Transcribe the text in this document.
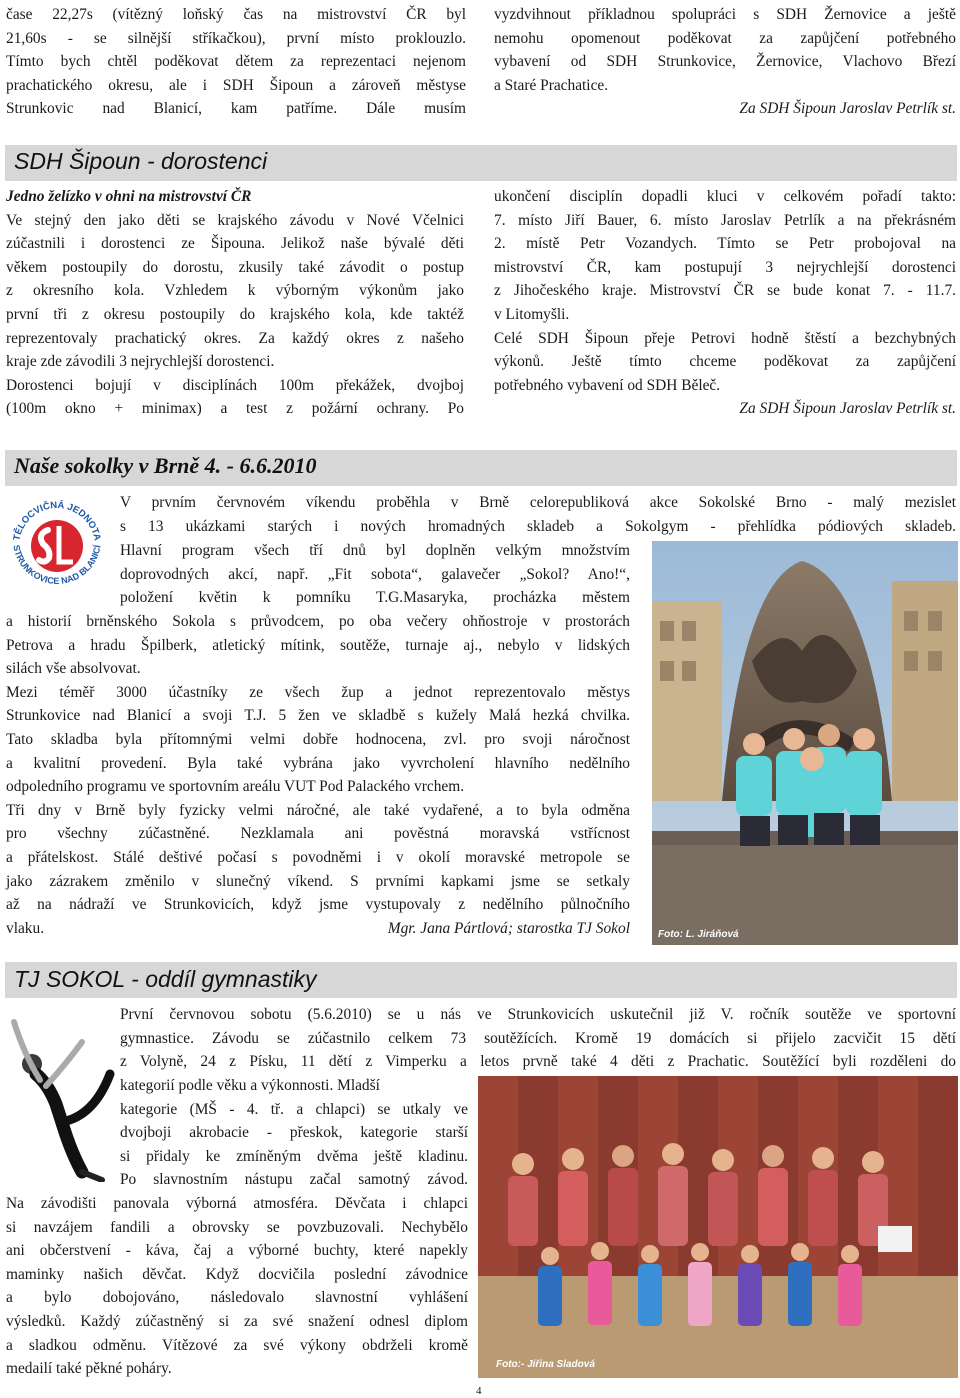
čase 22,27s (vítězný loňský čas na mistrovství ČR byl
21,60s - se silnější stříkačkou), první místo proklouzlo.
Tímto bych chtěl poděkovat dětem za reprezentaci nejenom
prachatického okresu, ale i SDH Šipoun a zároveň městyse
Strunkovic nad Blanicí, kam patříme. Dále musím
vyzdvihnout příkladnou spolupráci s SDH Žernovice a ještě
nemohu opomenout poděkovat za zapůjčení potřebného
vybavení od SDH Strunkovice, Žernovice, Vlachovo Březí
a Staré Prachatice.
Za SDH Šipoun Jaroslav Petrlík st.
SDH Šipoun - dorostenci
Jedno želízko v ohni na mistrovství ČR
Ve stejný den jako děti se krajského závodu v Nové Včelnici
zúčastnili i dorostenci ze Šipouna. Jelikož naše bývalé děti
věkem postoupily do dorostu, zkusily také závodit o postup
z okresního kola. Vzhledem k výborným výkonům jako
první tři z okresu postoupily do krajského kola, kde taktéž
reprezentovaly prachatický okres. Za každý okres z našeho
kraje zde závodili 3 nejrychlejší dorostenci.
Dorostenci bojují v disciplínách 100m překážek, dvojboj
(100m okno + minimax) a test z požární ochrany. Po
ukončení disciplín dopadli kluci v celkovém pořadí takto:
7. místo Jiří Bauer, 6. místo Jaroslav Petrlík a na překrásném
2. místě Petr Vozandych. Tímto se Petr probojoval na
mistrovství ČR, kam postupují 3 nejrychlejší dorostenci
z Jihočeského kraje. Mistrovství ČR se bude konat 7. - 11.7.
v Litomyšli.
Celé SDH Šipoun přeje Petrovi hodně štěstí a bezchybných
výkonů. Ještě tímto chceme poděkovat za zapůjčení
potřebného vybavení od SDH Běleč.
Za SDH Šipoun Jaroslav Petrlík st.
Naše sokolky v Brně 4. - 6.6.2010
TĚLOCVIČNÁ JEDNOTA
STRUNKOVICE NAD BLANICÍ
V prvním červnovém víkendu proběhla v Brně celorepubliková akce Sokolské Brno - malý mezislet
s 13 ukázkami starých i nových hromadných skladeb a Sokolgym - přehlídka pódiových skladeb.
Hlavní program všech tří dnů byl doplněn velkým množstvím
doprovodných akcí, např. „Fit sobota“, galavečer „Sokol? Ano!“,
položení květin k pomníku T.G.Masaryka, procházka městem
a historií brněnského Sokola s průvodcem, po oba večery ohňostroje v prostorách
Petrova a hradu Špilberk, atletický mítink, soutěže, turnaje aj., nebylo v lidských
silách vše absolvovat.
Mezi téměř 3000 účastníky ze všech žup a jednot reprezentovalo městys
Strunkovice nad Blanicí a svoji T.J. 5 žen ve skladbě s kužely Malá hezká chvilka.
Tato skladba byla přítomnými velmi dobře hodnocena, zvl. pro svoji náročnost
a kvalitní provedení. Byla také vybrána jako vyvrcholení hlavního nedělního
odpoledního programu ve sportovním areálu VUT Pod Palackého vrchem.
Tři dny v Brně byly fyzicky velmi náročné, ale také vydařené, a to byla odměna
pro všechny zúčastněné. Nezklamala ani pověstná moravská vstřícnost
a přátelskost. Stálé deštivé počasí s povodněmi i v okolí moravské metropole se
jako zázrakem změnilo v slunečný víkend. S prvními kapkami jsme se setkaly
až na nádraží ve Strunkovicích, když jsme vystupovaly z nedělního půlnočního
vlaku.	Mgr. Jana Pártlová; starostka TJ Sokol	Foto: L. Jiráňová
TJ SOKOL - oddíl gymnastiky
První červnovou sobotu (5.6.2010) se u nás ve Strunkovicích uskutečnil již V. ročník soutěže ve sportovní
gymnastice. Závodu se zúčastnilo celkem 73 soutěžících. Kromě 19 domácích si přijelo zacvičit 15 dětí
z Volyně, 24 z Písku, 11 dětí z Vimperku a letos prvně také 4 děti z Prachatic. Soutěžící byli rozděleni do
kategorií podle věku a výkonnosti. Mladší
kategorie (MŠ - 4. tř. a chlapci) se utkaly ve
dvojboji akrobacie - přeskok, kategorie starší
si přidaly ke zmíněným dvěma ještě kladinu.
Po slavnostním nástupu začal samotný závod.
Na závodišti panovala výborná atmosféra. Děvčata i chlapci
si navzájem fandili a obrovsky se povzbuzovali. Nechybělo
ani občerstvení - káva, čaj a výborné buchty, které napekly
maminky našich děvčat. Když docvičila poslední závodnice
a bylo dobojováno, následovalo slavnostní vyhlášení
výsledků. Každý zúčastněný si za své snažení odnesl diplom
a sladkou odměnu. Vítězové za své výkony obdrželi kromě
medailí také pěkné poháry.	Foto:- Jiřina Sladová
4
